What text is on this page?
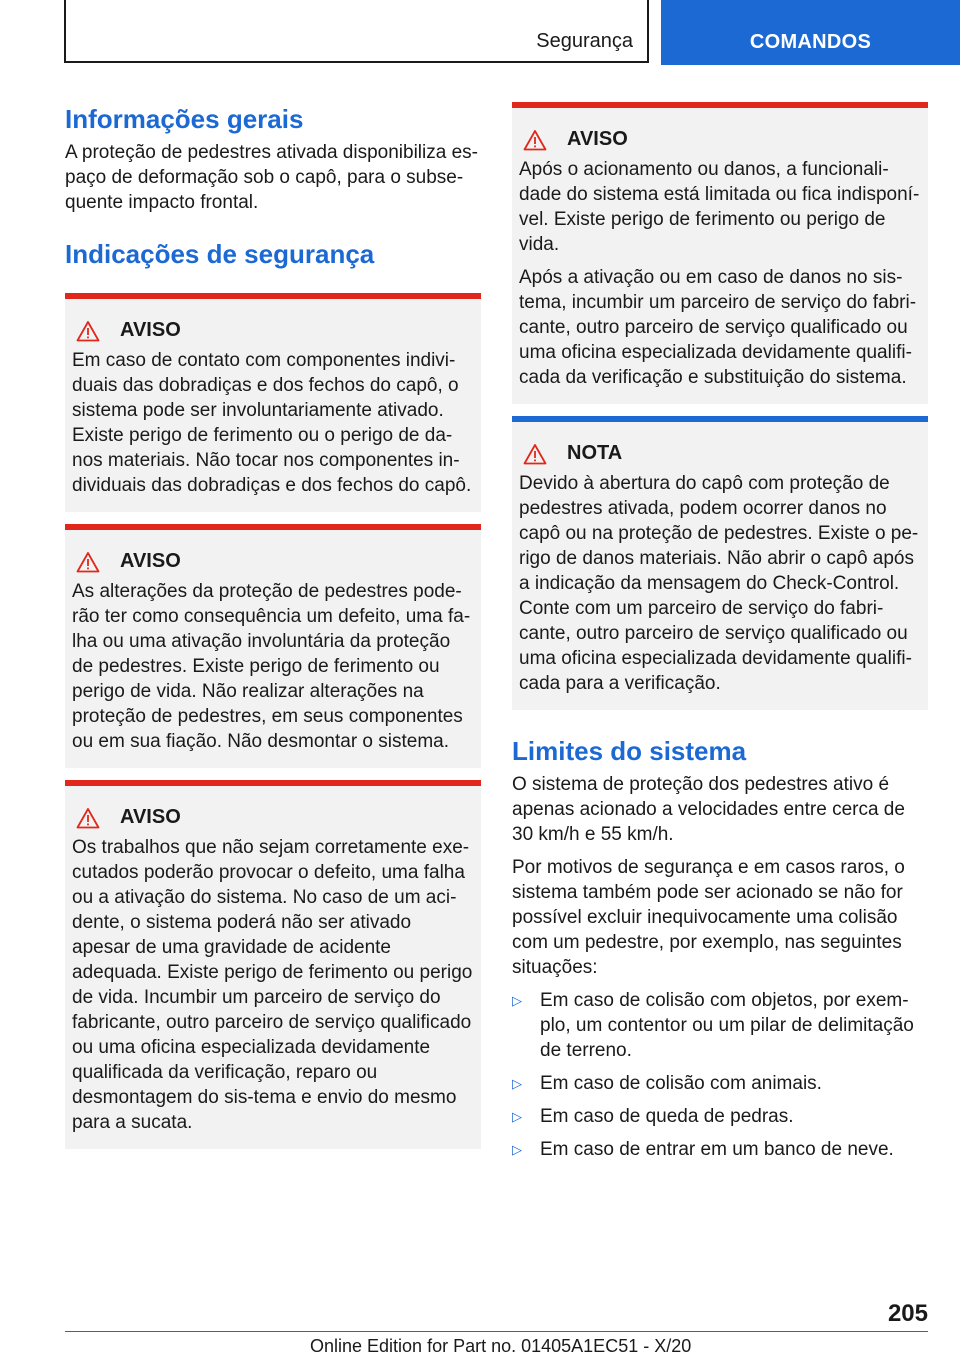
Segurança	COMANDOS
Informações gerais

A proteção de pedestres ativada disponibiliza es-paço de deformação sob o capô, para o subse-quente impacto frontal.

Indicações de segurança
AVISO

Em caso de contato com componentes indivi-duais das dobradiças e dos fechos do capô, o sistema pode ser involuntariamente ativado. Existe perigo de ferimento ou o perigo de da-nos materiais. Não tocar nos componentes in-dividuais das dobradiças e dos fechos do capô.

AVISO

As alterações da proteção de pedestres pode-rão ter como consequência um defeito, uma fa-lha ou uma ativação involuntária da proteção de pedestres. Existe perigo de ferimento ou perigo de vida. Não realizar alterações na proteção de pedestres, em seus componentes ou em sua fiação. Não desmontar o sistema.

AVISO

Os trabalhos que não sejam corretamente exe-cutados poderão provocar o defeito, uma falha ou a ativação do sistema. No caso de um aci-dente, o sistema poderá não ser ativado apesar de uma gravidade de acidente adequada. Existe perigo de ferimento ou perigo de vida. Incumbir um parceiro de serviço do fabricante, outro parceiro de serviço qualificado ou uma oficina especializada devidamente qualificada da verificação, reparo ou desmontagem do sis-tema e envio do mesmo para a sucata.

AVISO

Após o acionamento ou danos, a funcionali-dade do sistema está limitada ou fica indisponí-vel. Existe perigo de ferimento ou perigo de vida.

Após a ativação ou em caso de danos no sis-tema, incumbir um parceiro de serviço do fabri-cante, outro parceiro de serviço qualificado ou uma oficina especializada devidamente qualifi-cada da verificação e substituição do sistema.

NOTA

Devido à abertura do capô com proteção de pedestres ativada, podem ocorrer danos no capô ou na proteção de pedestres. Existe o pe-rigo de danos materiais. Não abrir o capô após a indicação da mensagem do Check-Control. Conte com um parceiro de serviço do fabri-cante, outro parceiro de serviço qualificado ou uma oficina especializada devidamente qualifi-cada para a verificação.

Limites do sistema

O sistema de proteção dos pedestres ativo é apenas acionado a velocidades entre cerca de 30 km/h e 55 km/h.

Por motivos de segurança e em casos raros, o sistema também pode ser acionado se não for possível excluir inequivocamente uma colisão com um pedestre, por exemplo, nas seguintes situações:

▷ Em caso de colisão com objetos, por exem-plo, um contentor ou um pilar de delimitação de terreno.
▷ Em caso de colisão com animais.
▷ Em caso de queda de pedras.
▷ Em caso de entrar em um banco de neve.
205
Online Edition for Part no. 01405A1EC51 - X/20
